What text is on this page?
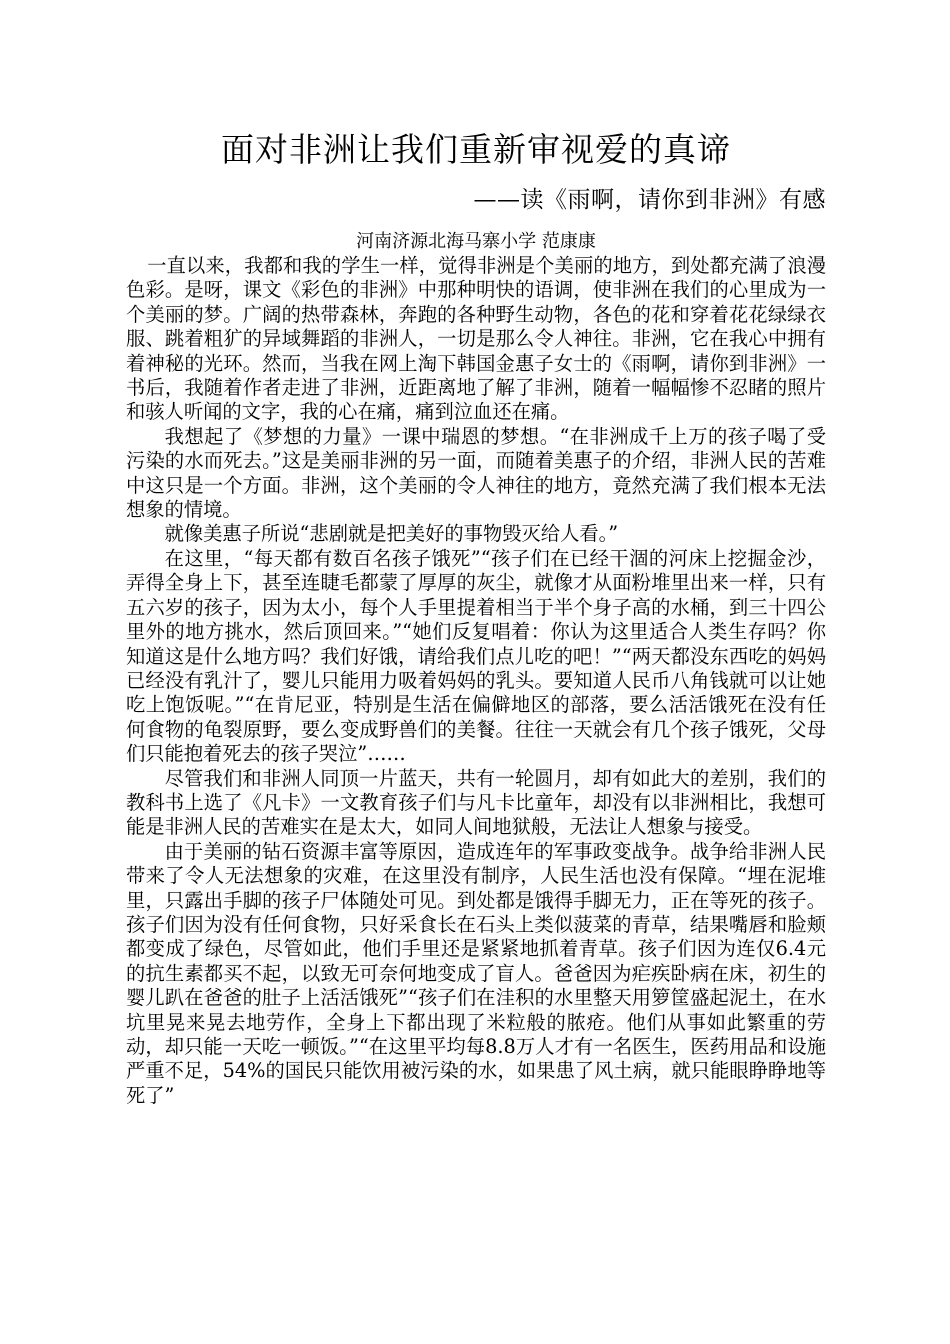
面对非洲让我们重新审视爱的真谛
——读《雨啊，请你到非洲》有感
河南济源北海马寨小学 范康康

一直以来，我都和我的学生一样，觉得非洲是个美丽的地方，到处都充满了浪漫色彩。是呀，课文《彩色的非洲》中那种明快的语调，使非洲在我们的心里成为一个美丽的梦。广阔的热带森林，奔跑的各种野生动物，各色的花和穿着花花绿绿衣服、跳着粗犷的异域舞蹈的非洲人，一切是那么令人神往。非洲，它在我心中拥有着神秘的光环。然而，当我在网上淘下韩国金惠子女士的《雨啊，请你到非洲》一书后，我随着作者走进了非洲，近距离地了解了非洲，随着一幅幅惨不忍睹的照片和骇人听闻的文字，我的心在痛，痛到泣血还在痛。

我想起了《梦想的力量》一课中瑞恩的梦想。“在非洲成千上万的孩子喝了受污染的水而死去。”这是美丽非洲的另一面，而随着美惠子的介绍，非洲人民的苦难中这只是一个方面。非洲，这个美丽的令人神往的地方，竟然充满了我们根本无法想象的情境。

就像美惠子所说“悲剧就是把美好的事物毁灭给人看。”

在这里，“每天都有数百名孩子饿死”“孩子们在已经干涸的河床上挖掘金沙，弄得全身上下，甚至连睫毛都蒙了厚厚的灰尘，就像才从面粉堆里出来一样，只有五六岁的孩子，因为太小，每个人手里提着相当于半个身子高的水桶，到三十四公里外的地方挑水，然后顶回来。”“她们反复唱着：你认为这里适合人类生存吗？你知道这是什么地方吗？我们好饿，请给我们点儿吃的吧！”“两天都没东西吃的妈妈已经没有乳汁了，婴儿只能用力吸着妈妈的乳头。要知道人民币八角钱就可以让她吃上饱饭呢。”“在肯尼亚，特别是生活在偏僻地区的部落，要么活活饿死在没有任何食物的龟裂原野，要么变成野兽们的美餐。往往一天就会有几个孩子饿死，父母们只能抱着死去的孩子哭泣”……

尽管我们和非洲人同顶一片蓝天，共有一轮圆月，却有如此大的差别，我们的教科书上选了《凡卡》一文教育孩子们与凡卡比童年，却没有以非洲相比，我想可能是非洲人民的苦难实在是太大，如同人间地狱般，无法让人想象与接受。

由于美丽的钻石资源丰富等原因，造成连年的军事政变战争。战争给非洲人民带来了令人无法想象的灾难，在这里没有制序，人民生活也没有保障。“埋在泥堆里，只露出手脚的孩子尸体随处可见。到处都是饿得手脚无力，正在等死的孩子。孩子们因为没有任何食物，只好采食长在石头上类似菠菜的青草，结果嘴唇和脸颊都变成了绿色，尽管如此，他们手里还是紧紧地抓着青草。孩子们因为连仅6.4元的抗生素都买不起，以致无可奈何地变成了盲人。爸爸因为疟疾卧病在床，初生的婴儿趴在爸爸的肚子上活活饿死”“孩子们在洼积的水里整天用箩筐盛起泥土，在水坑里晃来晃去地劳作，全身上下都出现了米粒般的脓疮。他们从事如此繁重的劳动，却只能一天吃一顿饭。”“在这里平均每8.8万人才有一名医生，医药用品和设施严重不足，54%的国民只能饮用被污染的水，如果患了风土病，就只能眼睁睁地等死了”
